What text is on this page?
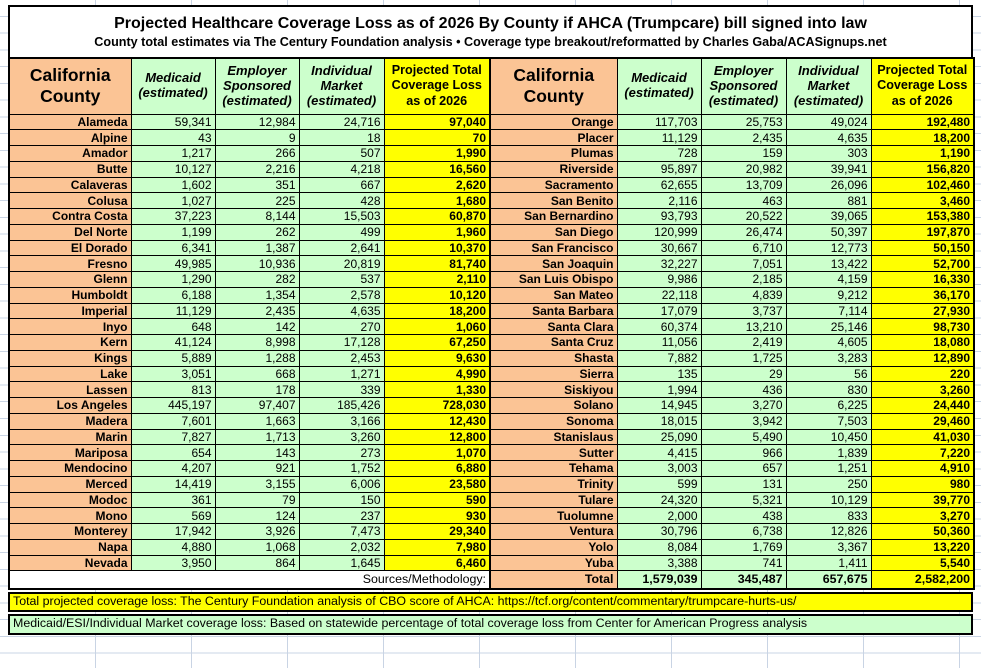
Projected Healthcare Coverage Loss as of 2026 By County if AHCA (Trumpcare) bill signed into law
County total estimates via The Century Foundation analysis • Coverage type breakout/reformatted by Charles Gaba/ACASignups.net
California County	Medicaid (estimated)	Employer Sponsored (estimated)	Individual Market (estimated)	Projected Total Coverage Loss as of 2026	California County	Medicaid (estimated)	Employer Sponsored (estimated)	Individual Market (estimated)	Projected Total Coverage Loss as of 2026
Alameda	59,341	12,984	24,716	97,040	Orange	117,703	25,753	49,024	192,480
Alpine	43	9	18	70	Placer	11,129	2,435	4,635	18,200
Amador	1,217	266	507	1,990	Plumas	728	159	303	1,190
Butte	10,127	2,216	4,218	16,560	Riverside	95,897	20,982	39,941	156,820
Calaveras	1,602	351	667	2,620	Sacramento	62,655	13,709	26,096	102,460
Colusa	1,027	225	428	1,680	San Benito	2,116	463	881	3,460
Contra Costa	37,223	8,144	15,503	60,870	San Bernardino	93,793	20,522	39,065	153,380
Del Norte	1,199	262	499	1,960	San Diego	120,999	26,474	50,397	197,870
El Dorado	6,341	1,387	2,641	10,370	San Francisco	30,667	6,710	12,773	50,150
Fresno	49,985	10,936	20,819	81,740	San Joaquin	32,227	7,051	13,422	52,700
Glenn	1,290	282	537	2,110	San Luis Obispo	9,986	2,185	4,159	16,330
Humboldt	6,188	1,354	2,578	10,120	San Mateo	22,118	4,839	9,212	36,170
Imperial	11,129	2,435	4,635	18,200	Santa Barbara	17,079	3,737	7,114	27,930
Inyo	648	142	270	1,060	Santa Clara	60,374	13,210	25,146	98,730
Kern	41,124	8,998	17,128	67,250	Santa Cruz	11,056	2,419	4,605	18,080
Kings	5,889	1,288	2,453	9,630	Shasta	7,882	1,725	3,283	12,890
Lake	3,051	668	1,271	4,990	Sierra	135	29	56	220
Lassen	813	178	339	1,330	Siskiyou	1,994	436	830	3,260
Los Angeles	445,197	97,407	185,426	728,030	Solano	14,945	3,270	6,225	24,440
Madera	7,601	1,663	3,166	12,430	Sonoma	18,015	3,942	7,503	29,460
Marin	7,827	1,713	3,260	12,800	Stanislaus	25,090	5,490	10,450	41,030
Mariposa	654	143	273	1,070	Sutter	4,415	966	1,839	7,220
Mendocino	4,207	921	1,752	6,880	Tehama	3,003	657	1,251	4,910
Merced	14,419	3,155	6,006	23,580	Trinity	599	131	250	980
Modoc	361	79	150	590	Tulare	24,320	5,321	10,129	39,770
Mono	569	124	237	930	Tuolumne	2,000	438	833	3,270
Monterey	17,942	3,926	7,473	29,340	Ventura	30,796	6,738	12,826	50,360
Napa	4,880	1,068	2,032	7,980	Yolo	8,084	1,769	3,367	13,220
Nevada	3,950	864	1,645	6,460	Yuba	3,388	741	1,411	5,540
Sources/Methodology:					Total	1,579,039	345,487	657,675	2,582,200
Total projected coverage loss: The Century Foundation analysis of CBO score of AHCA: https://tcf.org/content/commentary/trumpcare-hurts-us/
Medicaid/ESI/Individual Market coverage loss: Based on statewide percentage of total coverage loss from Center for American Progress analysis
